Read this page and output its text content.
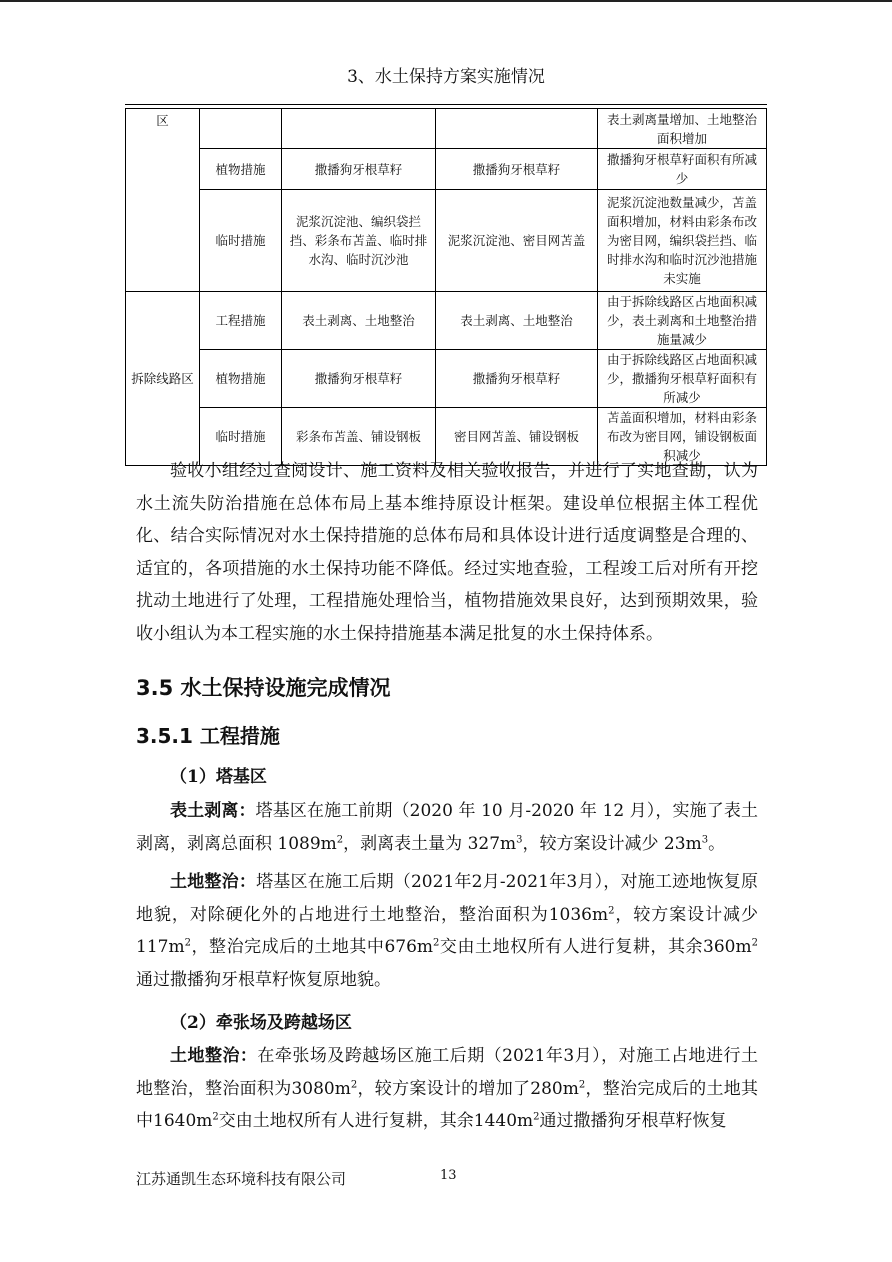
3、水土保持方案实施情况
区				表土剥离量增加、土地整治面积增加
	植物措施	撒播狗牙根草籽	撒播狗牙根草籽	撒播狗牙根草籽面积有所减少
	临时措施	泥浆沉淀池、编织袋拦挡、彩条布苫盖、临时排水沟、临时沉沙池	泥浆沉淀池、密目网苫盖	泥浆沉淀池数量减少，苫盖面积增加，材料由彩条布改为密目网，编织袋拦挡、临时排水沟和临时沉沙池措施未实施
拆除线路区	工程措施	表土剥离、土地整治	表土剥离、土地整治	由于拆除线路区占地面积减少，表土剥离和土地整治措施量减少
	植物措施	撒播狗牙根草籽	撒播狗牙根草籽	由于拆除线路区占地面积减少，撒播狗牙根草籽面积有所减少
	临时措施	彩条布苫盖、铺设钢板	密目网苫盖、铺设钢板	苫盖面积增加，材料由彩条布改为密目网，铺设钢板面积减少

验收小组经过查阅设计、施工资料及相关验收报告，并进行了实地查勘，认为水土流失防治措施在总体布局上基本维持原设计框架。建设单位根据主体工程优化、结合实际情况对水土保持措施的总体布局和具体设计进行适度调整是合理的、适宜的，各项措施的水土保持功能不降低。经过实地查验，工程竣工后对所有开挖扰动土地进行了处理，工程措施处理恰当，植物措施效果良好，达到预期效果，验收小组认为本工程实施的水土保持措施基本满足批复的水土保持体系。

3.5 水土保持设施完成情况
3.5.1 工程措施

（1）塔基区

表土剥离：塔基区在施工前期（2020 年 10 月-2020 年 12 月），实施了表土剥离，剥离总面积 $1089m^2$，剥离表土量为 $327m^3$，较方案设计减少 $23m^3$。

土地整治：塔基区在施工后期（2021年2月-2021年3月），对施工迹地恢复原地貌，对除硬化外的占地进行土地整治，整治面积为$1036m^2$，较方案设计减少$117m^2$，整治完成后的土地其中$676m^2$交由土地权所有人进行复耕，其余$360m^2$通过撒播狗牙根草籽恢复原地貌。

（2）牵张场及跨越场区

土地整治：在牵张场及跨越场区施工后期（2021年3月），对施工占地进行土地整治，整治面积为$3080m^2$，较方案设计的增加了$280m^2$，整治完成后的土地其中$1640m^2$交由土地权所有人进行复耕，其余$1440m^2$通过撒播狗牙根草籽恢复

江苏通凯生态环境科技有限公司	13
